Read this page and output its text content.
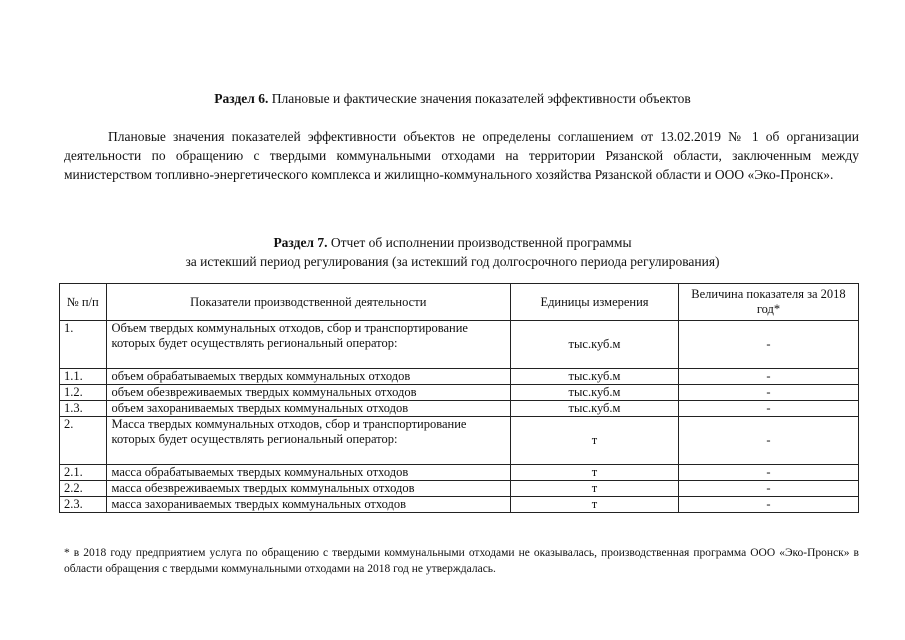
Раздел 6. Плановые и фактические значения показателей эффективности объектов
Плановые значения показателей эффективности объектов не определены соглашением от 13.02.2019 № 1 об организации деятельности по обращению с твердыми коммунальными отходами на территории Рязанской области, заключенным между министерством топливно-энергетического комплекса и жилищно-коммунального хозяйства Рязанской области и ООО «Эко-Пронск».
Раздел 7. Отчет об исполнении производственной программы
за истекший период регулирования (за истекший год долгосрочного периода регулирования)
№ п/п	Показатели производственной деятельности	Единицы измерения	Величина показателя за 2018 год*
1.	Объем твердых коммунальных отходов, сбор и транспортирование которых будет осуществлять региональный оператор:	тыс.куб.м	-
1.1.	объем обрабатываемых твердых коммунальных отходов	тыс.куб.м	-
1.2.	объем обезвреживаемых твердых коммунальных отходов	тыс.куб.м	-
1.3.	объем захораниваемых твердых коммунальных отходов	тыс.куб.м	-
2.	Масса твердых коммунальных отходов, сбор и транспортирование которых будет осуществлять региональный оператор:	т	-
2.1.	масса обрабатываемых твердых коммунальных отходов	т	-
2.2.	масса обезвреживаемых твердых коммунальных отходов	т	-
2.3.	масса захораниваемых твердых коммунальных отходов	т	-
* в 2018 году предприятием услуга по обращению с твердыми коммунальными отходами не оказывалась, производственная программа ООО «Эко-Пронск» в области обращения с твердыми коммунальными отходами на 2018 год не утверждалась.
